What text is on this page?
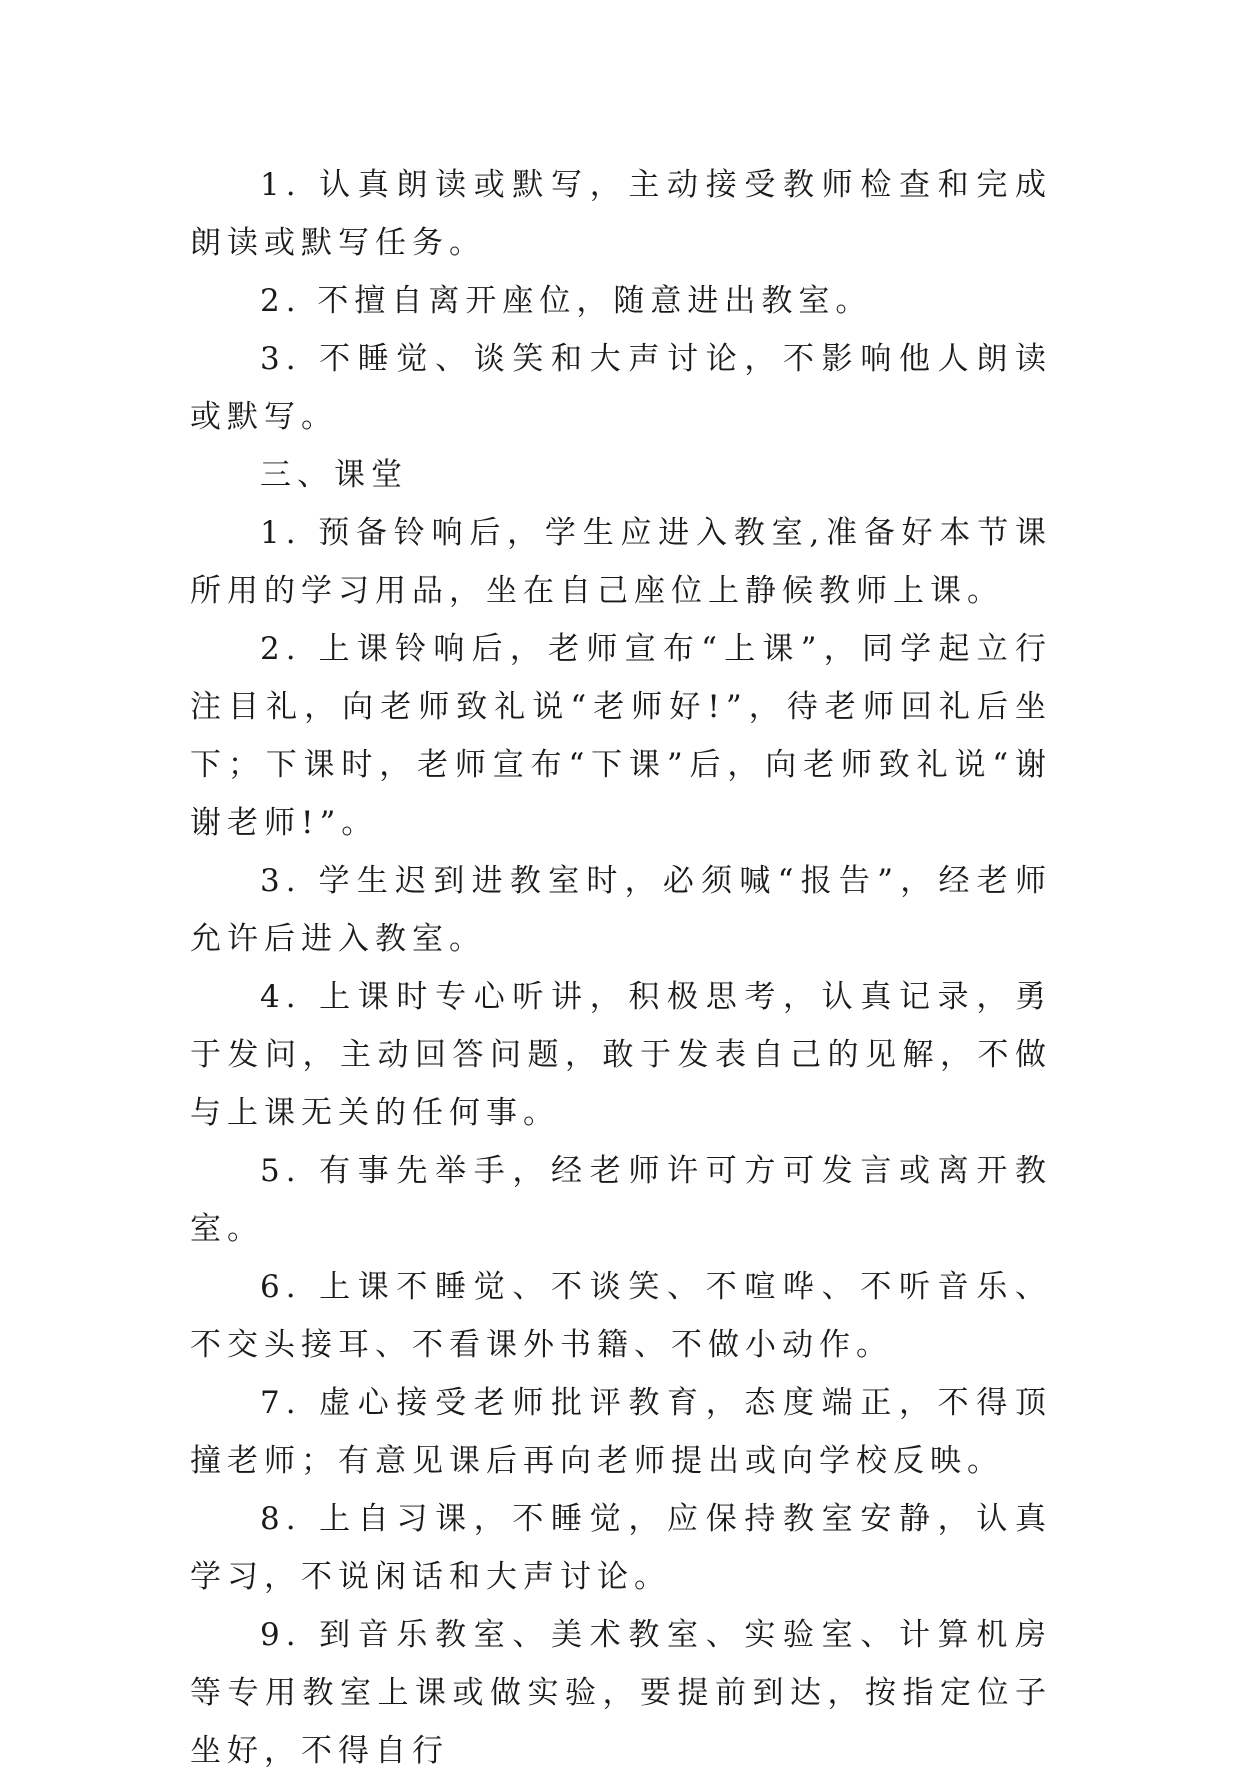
1. 认真朗读或默写，主动接受教师检查和完成朗读或默写任务。

2. 不擅自离开座位，随意进出教室。

3. 不睡觉、谈笑和大声讨论，不影响他人朗读或默写。

三、课堂

1. 预备铃响后，学生应进入教室,准备好本节课所用的学习用品，坐在自己座位上静候教师上课。

2. 上课铃响后，老师宣布“上课”，同学起立行注目礼，向老师致礼说“老师好!”，待老师回礼后坐下；下课时，老师宣布“下课”后，向老师致礼说“谢谢老师!”。

3. 学生迟到进教室时，必须喊“报告”，经老师允许后进入教室。

4. 上课时专心听讲，积极思考，认真记录，勇于发问，主动回答问题，敢于发表自己的见解，不做与上课无关的任何事。

5. 有事先举手，经老师许可方可发言或离开教室。

6. 上课不睡觉、不谈笑、不喧哗、不听音乐、不交头接耳、不看课外书籍、不做小动作。

7. 虚心接受老师批评教育，态度端正，不得顶撞老师；有意见课后再向老师提出或向学校反映。

8. 上自习课，不睡觉，应保持教室安静，认真学习，不说闲话和大声讨论。

9. 到音乐教室、美术教室、实验室、计算机房等专用教室上课或做实验，要提前到达，按指定位子坐好，不得自行
